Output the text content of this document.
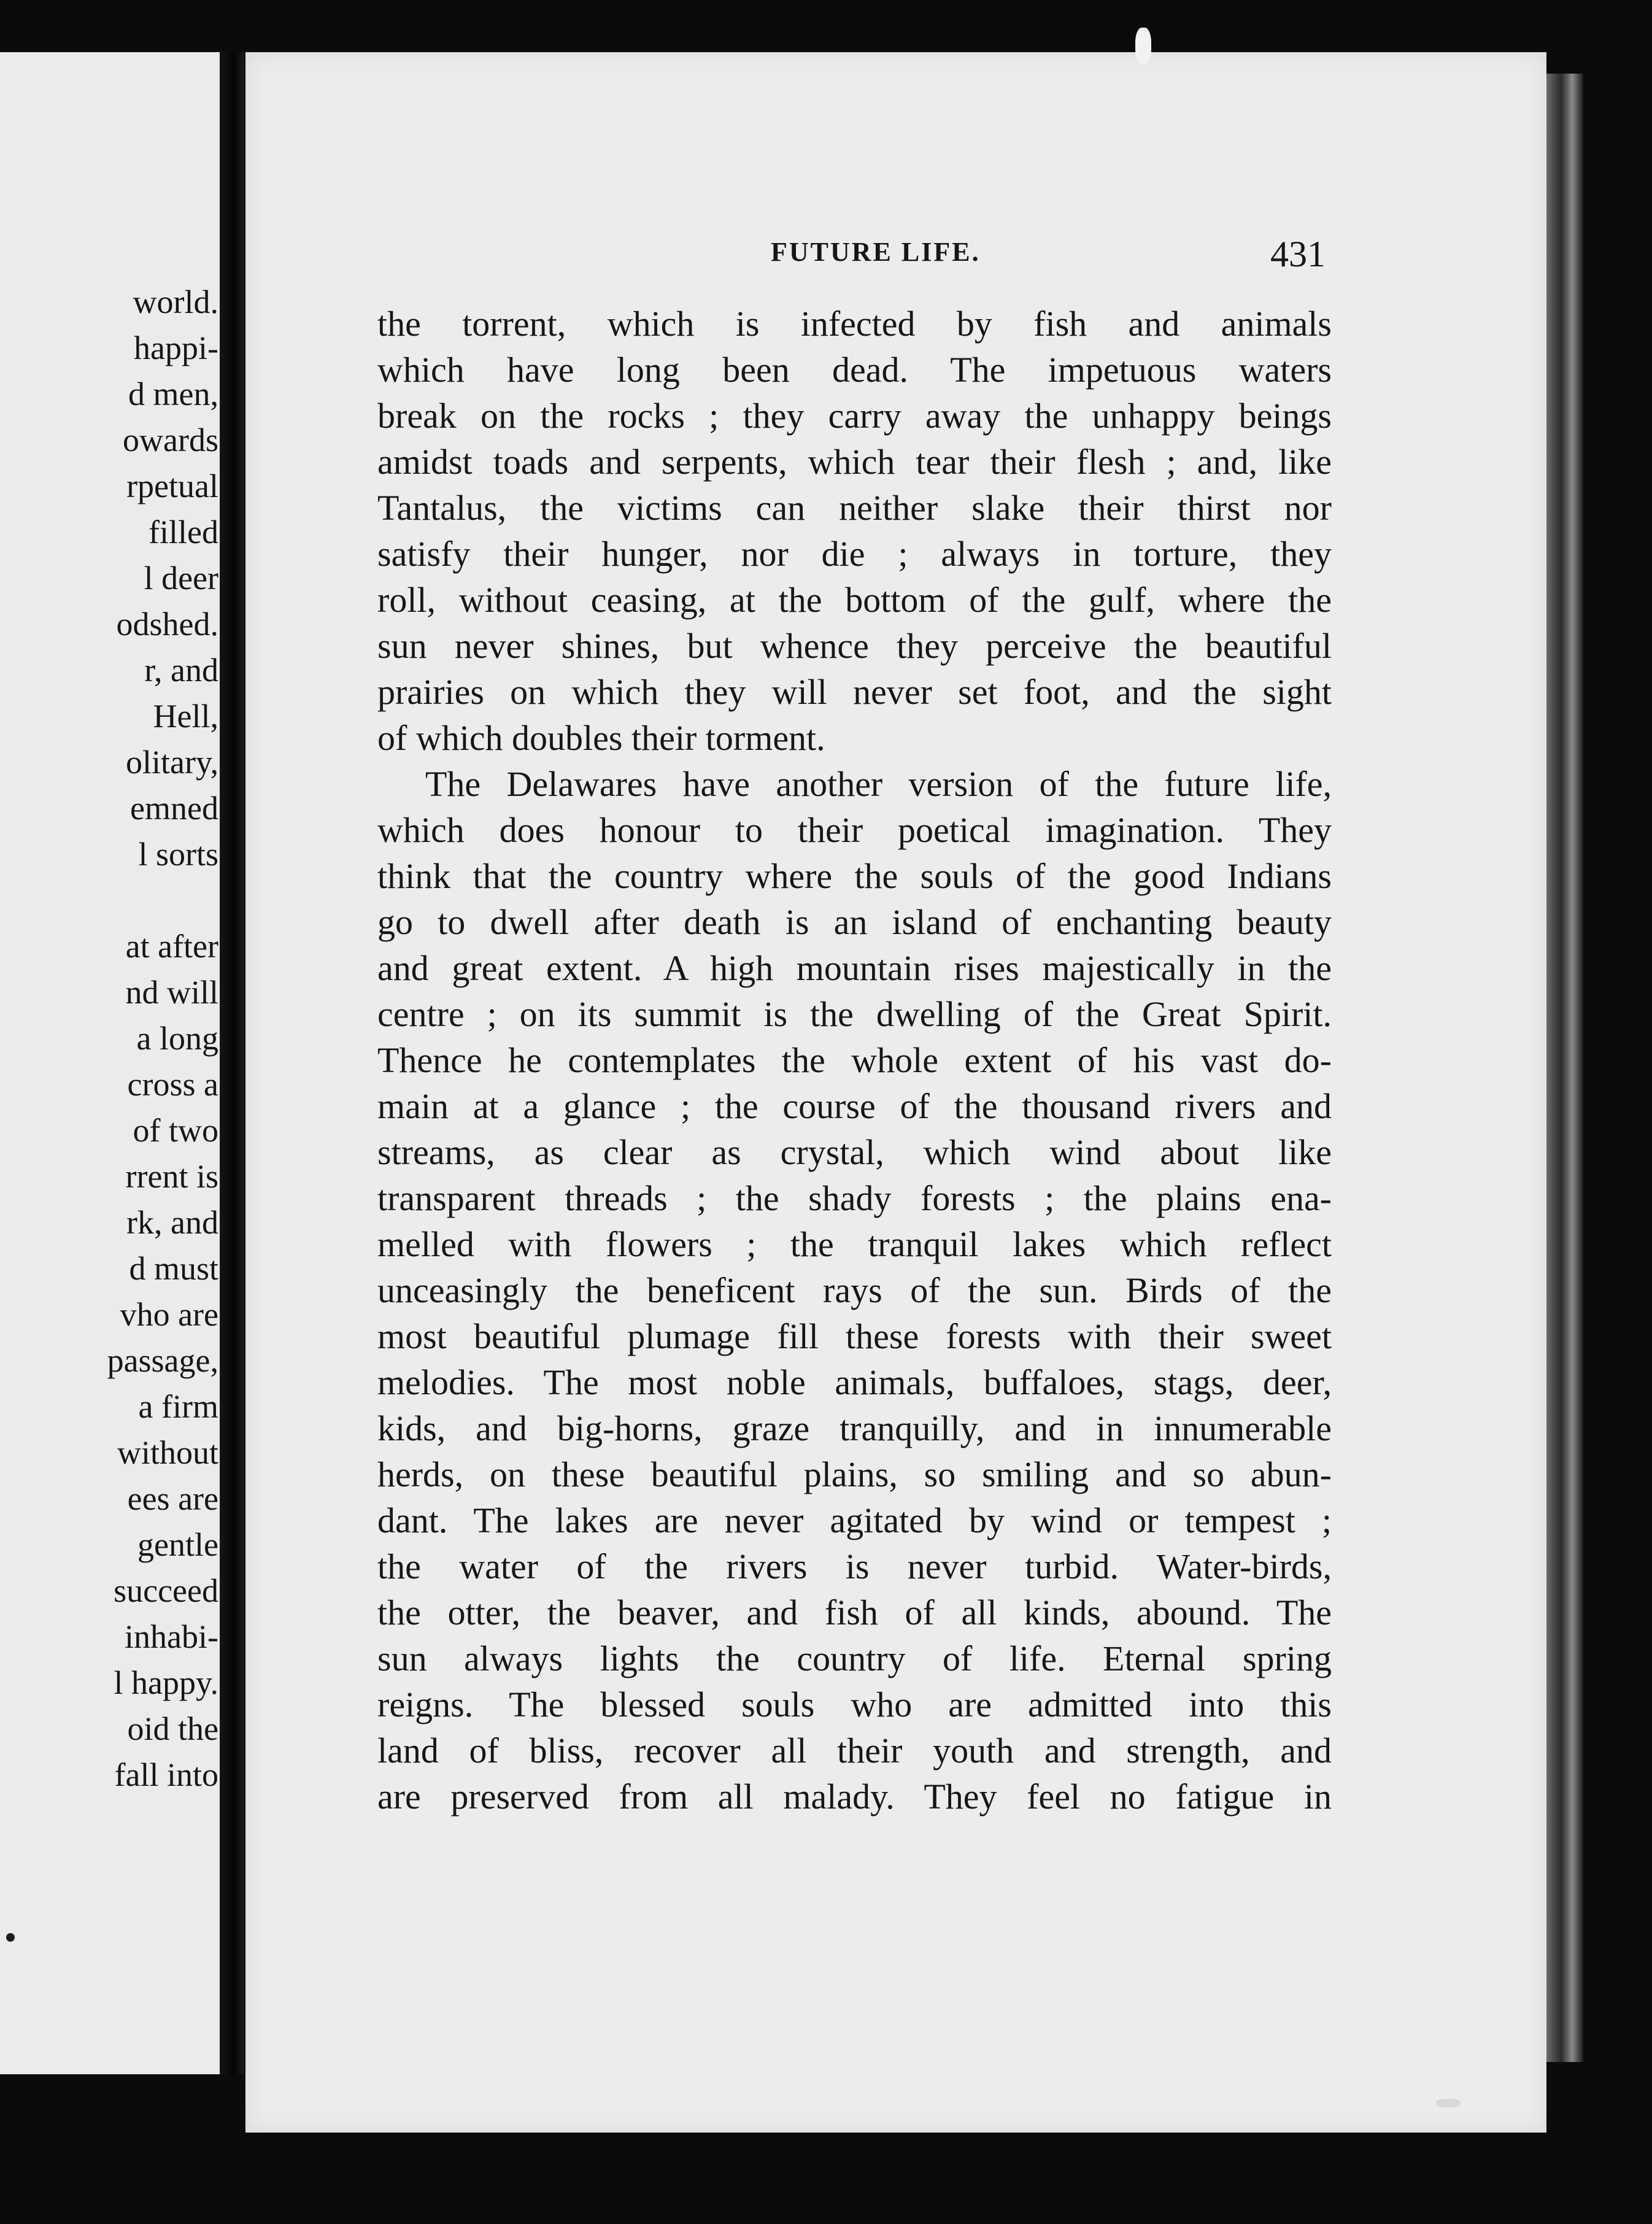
world.
happi-
d men,
owards
rpetual
filled
l deer
odshed.
r, and
Hell,
olitary,
emned
l sorts
at after
nd will
a long
cross a
of two
rrent is
rk, and
d must
vho are
passage,
a firm
without
ees are
gentle
succeed
inhabi-
l happy.
oid the
fall into
FUTURE LIFE.	431
the torrent, which is infected by fish and animals
which have long been dead. The impetuous waters
break on the rocks ; they carry away the unhappy beings
amidst toads and serpents, which tear their flesh ; and, like
Tantalus, the victims can neither slake their thirst nor
satisfy their hunger, nor die ; always in torture, they
roll, without ceasing, at the bottom of the gulf, where the
sun never shines, but whence they perceive the beautiful
prairies on which they will never set foot, and the sight
of which doubles their torment.
The Delawares have another version of the future life,
which does honour to their poetical imagination. They
think that the country where the souls of the good Indians
go to dwell after death is an island of enchanting beauty
and great extent. A high mountain rises majestically in the
centre ; on its summit is the dwelling of the Great Spirit.
Thence he contemplates the whole extent of his vast do-
main at a glance ; the course of the thousand rivers and
streams, as clear as crystal, which wind about like
transparent threads ; the shady forests ; the plains ena-
melled with flowers ; the tranquil lakes which reflect
unceasingly the beneficent rays of the sun. Birds of the
most beautiful plumage fill these forests with their sweet
melodies. The most noble animals, buffaloes, stags, deer,
kids, and big-horns, graze tranquilly, and in innumerable
herds, on these beautiful plains, so smiling and so abun-
dant. The lakes are never agitated by wind or tempest ;
the water of the rivers is never turbid. Water-birds,
the otter, the beaver, and fish of all kinds, abound. The
sun always lights the country of life. Eternal spring
reigns. The blessed souls who are admitted into this
land of bliss, recover all their youth and strength, and
are preserved from all malady. They feel no fatigue in
